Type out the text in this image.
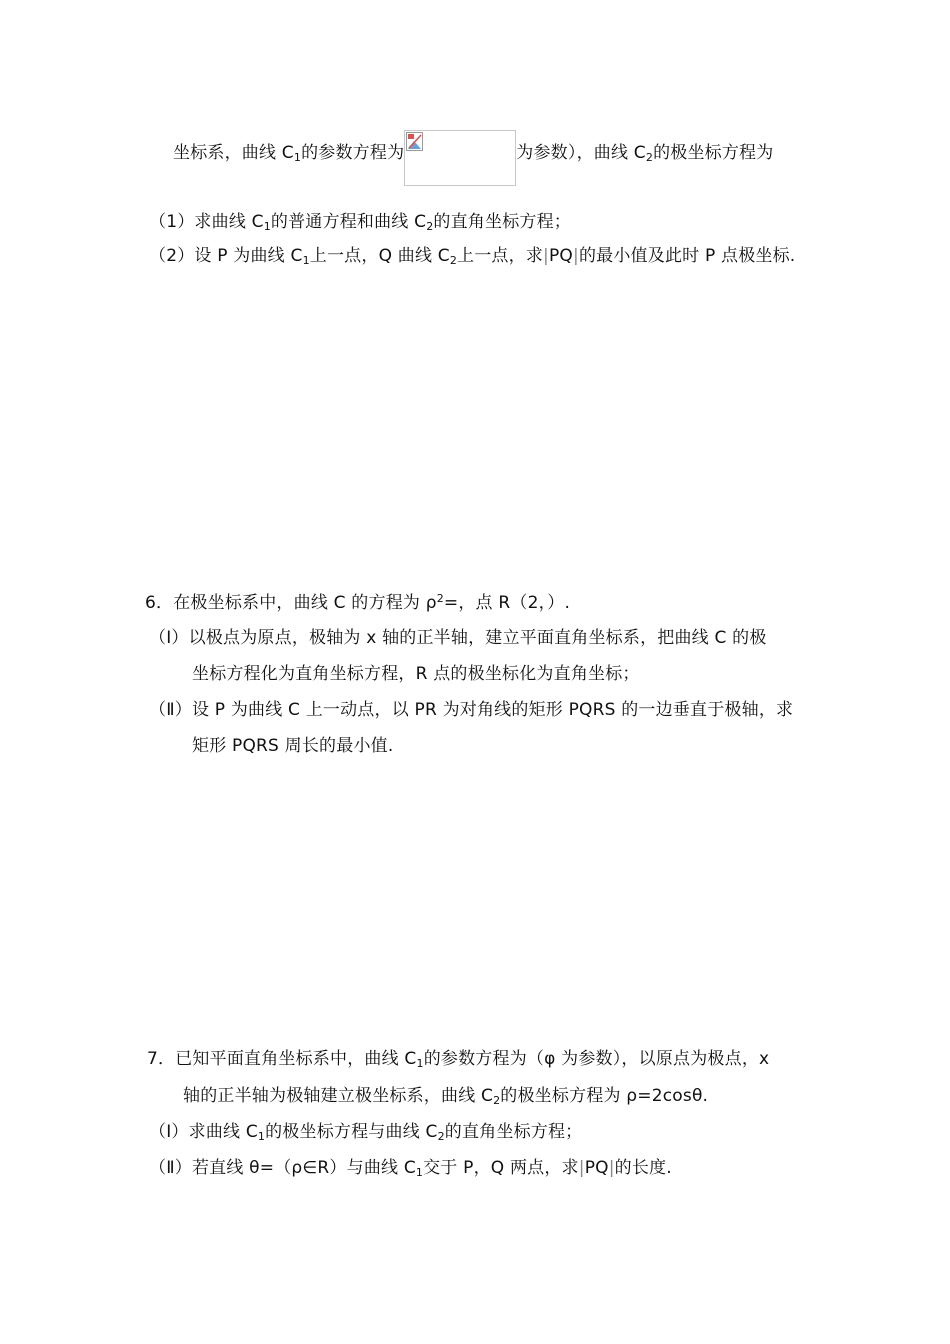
坐标系，曲线 $C_1$的参数方程为	为参数），曲线 $C_2$的极坐标方程为
（1）求曲线 $C_1$的普通方程和曲线 $C_2$的直角坐标方程；
（2）设 P 为曲线 $C_1$上一点，Q 曲线 $C_2$上一点，求|PQ|的最小值及此时 P 点极坐标.
6．在极坐标系中，曲线 C 的方程为 $\rho^2=$，点 R（2，）.
（Ⅰ）以极点为原点，极轴为 x 轴的正半轴，建立平面直角坐标系，把曲线 C 的极
坐标方程化为直角坐标方程，R 点的极坐标化为直角坐标；
（Ⅱ）设 P 为曲线 C 上一动点，以 PR 为对角线的矩形 PQRS 的一边垂直于极轴，求
矩形 PQRS 周长的最小值.
7．已知平面直角坐标系中，曲线 $C_1$的参数方程为（φ 为参数），以原点为极点，x
轴的正半轴为极轴建立极坐标系，曲线 $C_2$的极坐标方程为 ρ=2cosθ.
（Ⅰ）求曲线 $C_1$的极坐标方程与曲线 $C_2$的直角坐标方程；
（Ⅱ）若直线 θ=（ρ∈R）与曲线 $C_1$交于 P，Q 两点，求|PQ|的长度.
